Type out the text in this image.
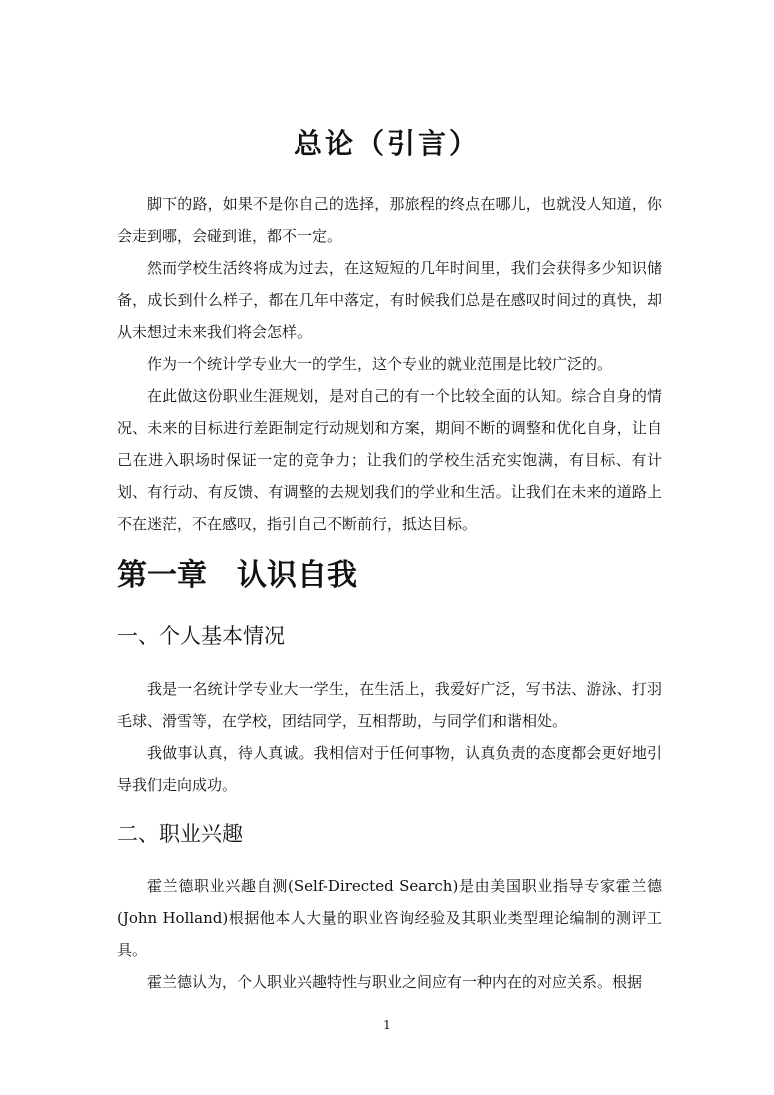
总论（引言）

脚下的路，如果不是你自己的选择，那旅程的终点在哪儿，也就没人知道，你会走到哪，会碰到谁，都不一定。

然而学校生活终将成为过去，在这短短的几年时间里，我们会获得多少知识储备，成长到什么样子，都在几年中落定，有时候我们总是在感叹时间过的真快，却从未想过未来我们将会怎样。

作为一个统计学专业大一的学生，这个专业的就业范围是比较广泛的。

在此做这份职业生涯规划，是对自己的有一个比较全面的认知。综合自身的情况、未来的目标进行差距制定行动规划和方案，期间不断的调整和优化自身，让自己在进入职场时保证一定的竞争力；让我们的学校生活充实饱满，有目标、有计划、有行动、有反馈、有调整的去规划我们的学业和生活。让我们在未来的道路上不在迷茫，不在感叹，指引自己不断前行，抵达目标。

第一章 认识自我
一、个人基本情况

我是一名统计学专业大一学生，在生活上，我爱好广泛，写书法、游泳、打羽毛球、滑雪等，在学校，团结同学，互相帮助，与同学们和谐相处。

我做事认真，待人真诚。我相信对于任何事物，认真负责的态度都会更好地引导我们走向成功。

二、职业兴趣

霍兰德职业兴趣自测(Self-Directed Search)是由美国职业指导专家霍兰德(John Holland)根据他本人大量的职业咨询经验及其职业类型理论编制的测评工具。

霍兰德认为，个人职业兴趣特性与职业之间应有一种内在的对应关系。根据

1
